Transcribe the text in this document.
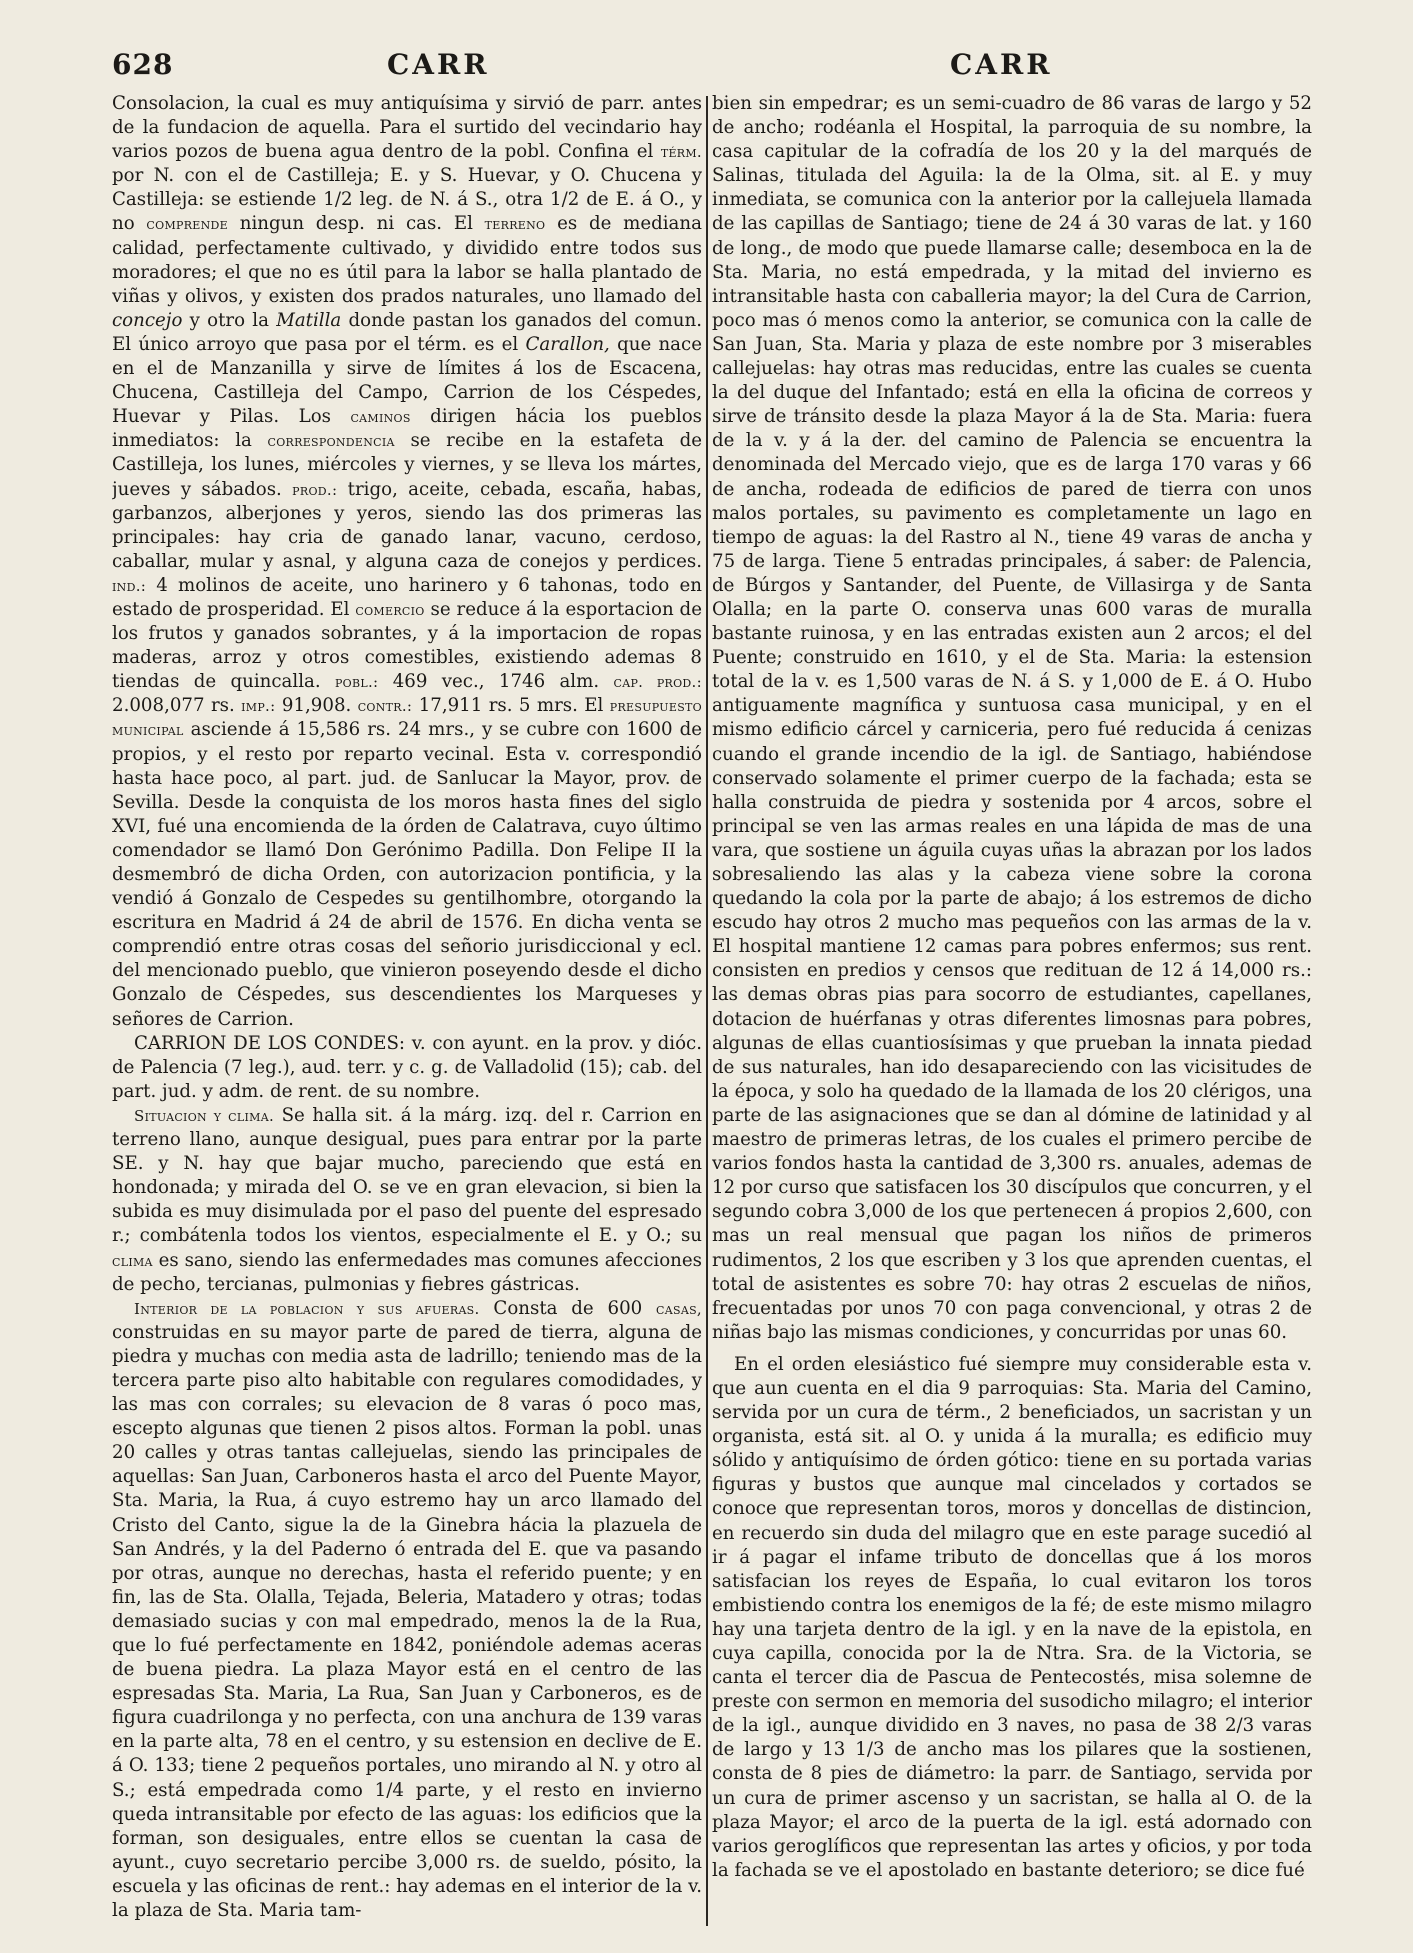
628	CARR	CARR

Consolacion, la cual es muy antiquísima y sirvió de parr. antes de la fundacion de aquella. Para el surtido del vecindario hay varios pozos de buena agua dentro de la pobl. Confina el térm. por N. con el de Castilleja; E. y S. Huevar, y O. Chucena y Castilleja: se estiende 1/2 leg. de N. á S., otra 1/2 de E. á O., y no comprende ningun desp. ni cas. El terreno es de mediana calidad, perfectamente cultivado, y dividido entre todos sus moradores; el que no es útil para la labor se halla plantado de viñas y olivos, y existen dos prados naturales, uno llamado del concejo y otro la Matilla donde pastan los ganados del comun. El único arroyo que pasa por el térm. es el Carallon, que nace en el de Manzanilla y sirve de límites á los de Escacena, Chucena, Castilleja del Campo, Carrion de los Céspedes, Huevar y Pilas. Los caminos dirigen hácia los pueblos inmediatos: la correspondencia se recibe en la estafeta de Castilleja, los lunes, miércoles y viernes, y se lleva los mártes, jueves y sábados. prod.: trigo, aceite, cebada, escaña, habas, garbanzos, alberjones y yeros, siendo las dos primeras las principales: hay cria de ganado lanar, vacuno, cerdoso, caballar, mular y asnal, y alguna caza de conejos y perdices. ind.: 4 molinos de aceite, uno harinero y 6 tahonas, todo en estado de prosperidad. El comercio se reduce á la esportacion de los frutos y ganados sobrantes, y á la importacion de ropas maderas, arroz y otros comestibles, existiendo ademas 8 tiendas de quincalla. pobl.: 469 vec., 1746 alm. cap. prod.: 2.008,077 rs. imp.: 91,908. contr.: 17,911 rs. 5 mrs. El presupuesto municipal asciende á 15,586 rs. 24 mrs., y se cubre con 1600 de propios, y el resto por reparto vecinal. Esta v. correspondió hasta hace poco, al part. jud. de Sanlucar la Mayor, prov. de Sevilla. Desde la conquista de los moros hasta fines del siglo XVI, fué una encomienda de la órden de Calatrava, cuyo último comendador se llamó Don Gerónimo Padilla. Don Felipe II la desmembró de dicha Orden, con autorizacion pontificia, y la vendió á Gonzalo de Cespedes su gentilhombre, otorgando la escritura en Madrid á 24 de abril de 1576. En dicha venta se comprendió entre otras cosas del señorio jurisdiccional y ecl. del mencionado pueblo, que vinieron poseyendo desde el dicho Gonzalo de Céspedes, sus descendientes los Marqueses y señores de Carrion.

CARRION DE LOS CONDES: v. con ayunt. en la prov. y dióc. de Palencia (7 leg.), aud. terr. y c. g. de Valladolid (15); cab. del part. jud. y adm. de rent. de su nombre.

Situacion y clima. Se halla sit. á la márg. izq. del r. Carrion en terreno llano, aunque desigual, pues para entrar por la parte SE. y N. hay que bajar mucho, pareciendo que está en hondonada; y mirada del O. se ve en gran elevacion, si bien la subida es muy disimulada por el paso del puente del espresado r.; combátenla todos los vientos, especialmente el E. y O.; su clima es sano, siendo las enfermedades mas comunes afecciones de pecho, tercianas, pulmonias y fiebres gástricas.

Interior de la poblacion y sus afueras. Consta de 600 casas, construidas en su mayor parte de pared de tierra, alguna de piedra y muchas con media asta de ladrillo; teniendo mas de la tercera parte piso alto habitable con regulares comodidades, y las mas con corrales; su elevacion de 8 varas ó poco mas, escepto algunas que tienen 2 pisos altos. Forman la pobl. unas 20 calles y otras tantas callejuelas, siendo las principales de aquellas: San Juan, Carboneros hasta el arco del Puente Mayor, Sta. Maria, la Rua, á cuyo estremo hay un arco llamado del Cristo del Canto, sigue la de la Ginebra hácia la plazuela de San Andrés, y la del Paderno ó entrada del E. que va pasando por otras, aunque no derechas, hasta el referido puente; y en fin, las de Sta. Olalla, Tejada, Beleria, Matadero y otras; todas demasiado sucias y con mal empedrado, menos la de la Rua, que lo fué perfectamente en 1842, poniéndole ademas aceras de buena piedra. La plaza Mayor está en el centro de las espresadas Sta. Maria, La Rua, San Juan y Carboneros, es de figura cuadrilonga y no perfecta, con una anchura de 139 varas en la parte alta, 78 en el centro, y su estension en declive de E. á O. 133; tiene 2 pequeños portales, uno mirando al N. y otro al S.; está empedrada como 1/4 parte, y el resto en invierno queda intransitable por efecto de las aguas: los edificios que la forman, son desiguales, entre ellos se cuentan la casa de ayunt., cuyo secretario percibe 3,000 rs. de sueldo, pósito, la escuela y las oficinas de rent.: hay ademas en el interior de la v. la plaza de Sta. Maria tam-

bien sin empedrar; es un semi-cuadro de 86 varas de largo y 52 de ancho; rodéanla el Hospital, la parroquia de su nombre, la casa capitular de la cofradía de los 20 y la del marqués de Salinas, titulada del Aguila: la de la Olma, sit. al E. y muy inmediata, se comunica con la anterior por la callejuela llamada de las capillas de Santiago; tiene de 24 á 30 varas de lat. y 160 de long., de modo que puede llamarse calle; desemboca en la de Sta. Maria, no está empedrada, y la mitad del invierno es intransitable hasta con caballeria mayor; la del Cura de Carrion, poco mas ó menos como la anterior, se comunica con la calle de San Juan, Sta. Maria y plaza de este nombre por 3 miserables callejuelas: hay otras mas reducidas, entre las cuales se cuenta la del duque del Infantado; está en ella la oficina de correos y sirve de tránsito desde la plaza Mayor á la de Sta. Maria: fuera de la v. y á la der. del camino de Palencia se encuentra la denominada del Mercado viejo, que es de larga 170 varas y 66 de ancha, rodeada de edificios de pared de tierra con unos malos portales, su pavimento es completamente un lago en tiempo de aguas: la del Rastro al N., tiene 49 varas de ancha y 75 de larga. Tiene 5 entradas principales, á saber: de Palencia, de Búrgos y Santander, del Puente, de Villasirga y de Santa Olalla; en la parte O. conserva unas 600 varas de muralla bastante ruinosa, y en las entradas existen aun 2 arcos; el del Puente; construido en 1610, y el de Sta. Maria: la estension total de la v. es 1,500 varas de N. á S. y 1,000 de E. á O. Hubo antiguamente magnífica y suntuosa casa municipal, y en el mismo edificio cárcel y carniceria, pero fué reducida á cenizas cuando el grande incendio de la igl. de Santiago, habiéndose conservado solamente el primer cuerpo de la fachada; esta se halla construida de piedra y sostenida por 4 arcos, sobre el principal se ven las armas reales en una lápida de mas de una vara, que sostiene un águila cuyas uñas la abrazan por los lados sobresaliendo las alas y la cabeza viene sobre la corona quedando la cola por la parte de abajo; á los estremos de dicho escudo hay otros 2 mucho mas pequeños con las armas de la v. El hospital mantiene 12 camas para pobres enfermos; sus rent. consisten en predios y censos que redituan de 12 á 14,000 rs.: las demas obras pias para socorro de estudiantes, capellanes, dotacion de huérfanas y otras diferentes limosnas para pobres, algunas de ellas cuantiosísimas y que prueban la innata piedad de sus naturales, han ido desapareciendo con las vicisitudes de la época, y solo ha quedado de la llamada de los 20 clérigos, una parte de las asignaciones que se dan al dómine de latinidad y al maestro de primeras letras, de los cuales el primero percibe de varios fondos hasta la cantidad de 3,300 rs. anuales, ademas de 12 por curso que satisfacen los 30 discípulos que concurren, y el segundo cobra 3,000 de los que pertenecen á propios 2,600, con mas un real mensual que pagan los niños de primeros rudimentos, 2 los que escriben y 3 los que aprenden cuentas, el total de asistentes es sobre 70: hay otras 2 escuelas de niños, frecuentadas por unos 70 con paga convencional, y otras 2 de niñas bajo las mismas condiciones, y concurridas por unas 60.

En el orden elesiástico fué siempre muy considerable esta v. que aun cuenta en el dia 9 parroquias: Sta. Maria del Camino, servida por un cura de térm., 2 beneficiados, un sacristan y un organista, está sit. al O. y unida á la muralla; es edificio muy sólido y antiquísimo de órden gótico: tiene en su portada varias figuras y bustos que aunque mal cincelados y cortados se conoce que representan toros, moros y doncellas de distincion, en recuerdo sin duda del milagro que en este parage sucedió al ir á pagar el infame tributo de doncellas que á los moros satisfacian los reyes de España, lo cual evitaron los toros embistiendo contra los enemigos de la fé; de este mismo milagro hay una tarjeta dentro de la igl. y en la nave de la epistola, en cuya capilla, conocida por la de Ntra. Sra. de la Victoria, se canta el tercer dia de Pascua de Pentecostés, misa solemne de preste con sermon en memoria del susodicho milagro; el interior de la igl., aunque dividido en 3 naves, no pasa de 38 2/3 varas de largo y 13 1/3 de ancho mas los pilares que la sostienen, consta de 8 pies de diámetro: la parr. de Santiago, servida por un cura de primer ascenso y un sacristan, se halla al O. de la plaza Mayor; el arco de la puerta de la igl. está adornado con varios geroglíficos que representan las artes y oficios, y por toda la fachada se ve el apostolado en bastante deterioro; se dice fué
